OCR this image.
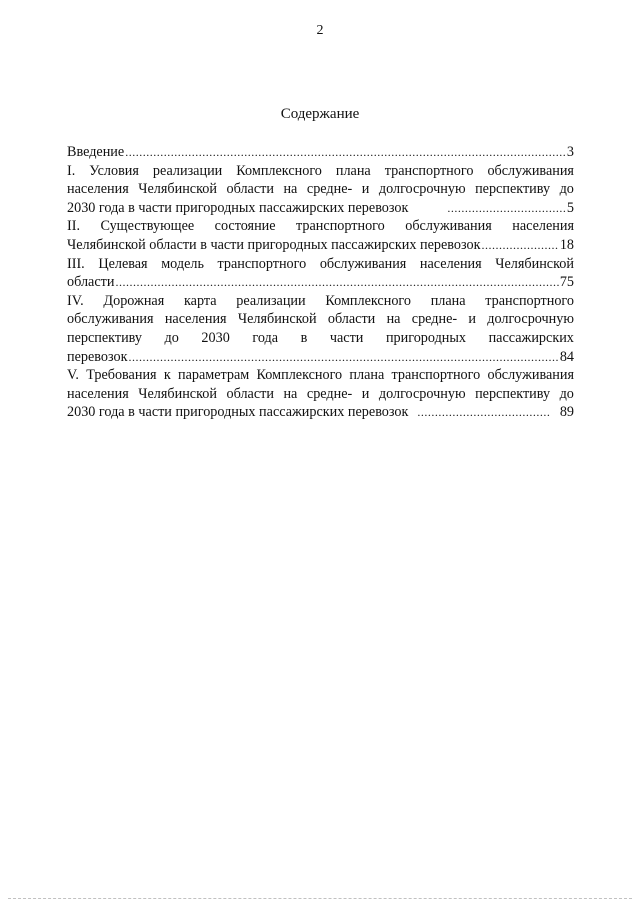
2
Содержание
Введение .....	3
I. Условия реализации Комплексного плана транспортного обслуживания
населения Челябинской области на средне- и долгосрочную перспективу до
2030 года в части пригородных пассажирских перевозок .....	5
II. Существующее состояние транспортного обслуживания населения
Челябинской области в части пригородных пассажирских перевозок .....	18
III. Целевая модель транспортного обслуживания населения Челябинской
области .....	75
IV. Дорожная карта реализации Комплексного плана транспортного
обслуживания населения Челябинской области на средне- и долгосрочную
перспективу до 2030 года в части пригородных пассажирских
перевозок .....	84
V. Требования к параметрам Комплексного плана транспортного обслуживания
населения Челябинской области на средне- и долгосрочную перспективу до
2030 года в части пригородных пассажирских перевозок .....	89
